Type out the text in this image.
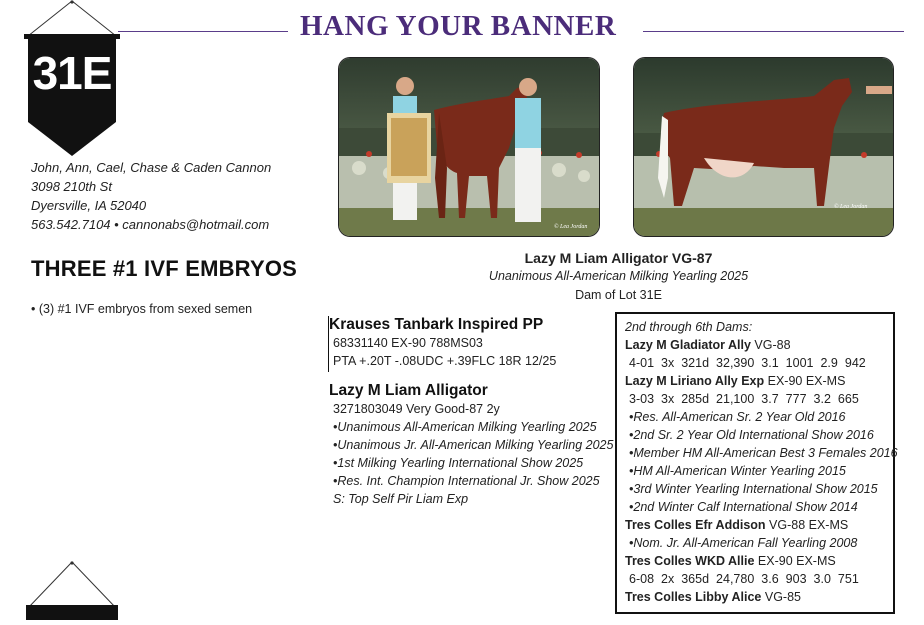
31E
HANG YOUR BANNER
John, Ann, Cael, Chase & Caden Cannon
3098 210th St
Dyersville, IA 52040
563.542.7104 • cannonabs@hotmail.com
THREE #1 IVF EMBRYOS
• (3) #1 IVF embryos from sexed semen
© Lea Jordan
© Lea Jordan
Lazy M Liam Alligator VG-87
Unanimous All-American Milking Yearling 2025
Dam of Lot 31E
Krauses Tanbark Inspired PP
68331140 EX-90 788MS03
PTA +.20T -.08UDC +.39FLC 18R 12/25
Lazy M Liam Alligator
3271803049 Very Good-87 2y
•Unanimous All-American Milking Yearling 2025
•Unanimous Jr. All-American Milking Yearling 2025
•1st Milking Yearling International Show 2025
•Res. Int. Champion International Jr. Show 2025
S: Top Self Pir Liam Exp
2nd through 6th Dams:
Lazy M Gladiator Ally VG-88
4-01 3x 321d 32,390 3.1 1001 2.9 942
Lazy M Liriano Ally Exp EX-90 EX-MS
3-03 3x 285d 21,100 3.7 777 3.2 665
•Res. All-American Sr. 2 Year Old 2016
•2nd Sr. 2 Year Old International Show 2016
•Member HM All-American Best 3 Females 2016
•HM All-American Winter Yearling 2015
•3rd Winter Yearling International Show 2015
•2nd Winter Calf International Show 2014
Tres Colles Efr Addison VG-88 EX-MS
•Nom. Jr. All-American Fall Yearling 2008
Tres Colles WKD Allie EX-90 EX-MS
6-08 2x 365d 24,780 3.6 903 3.0 751
Tres Colles Libby Alice VG-85
